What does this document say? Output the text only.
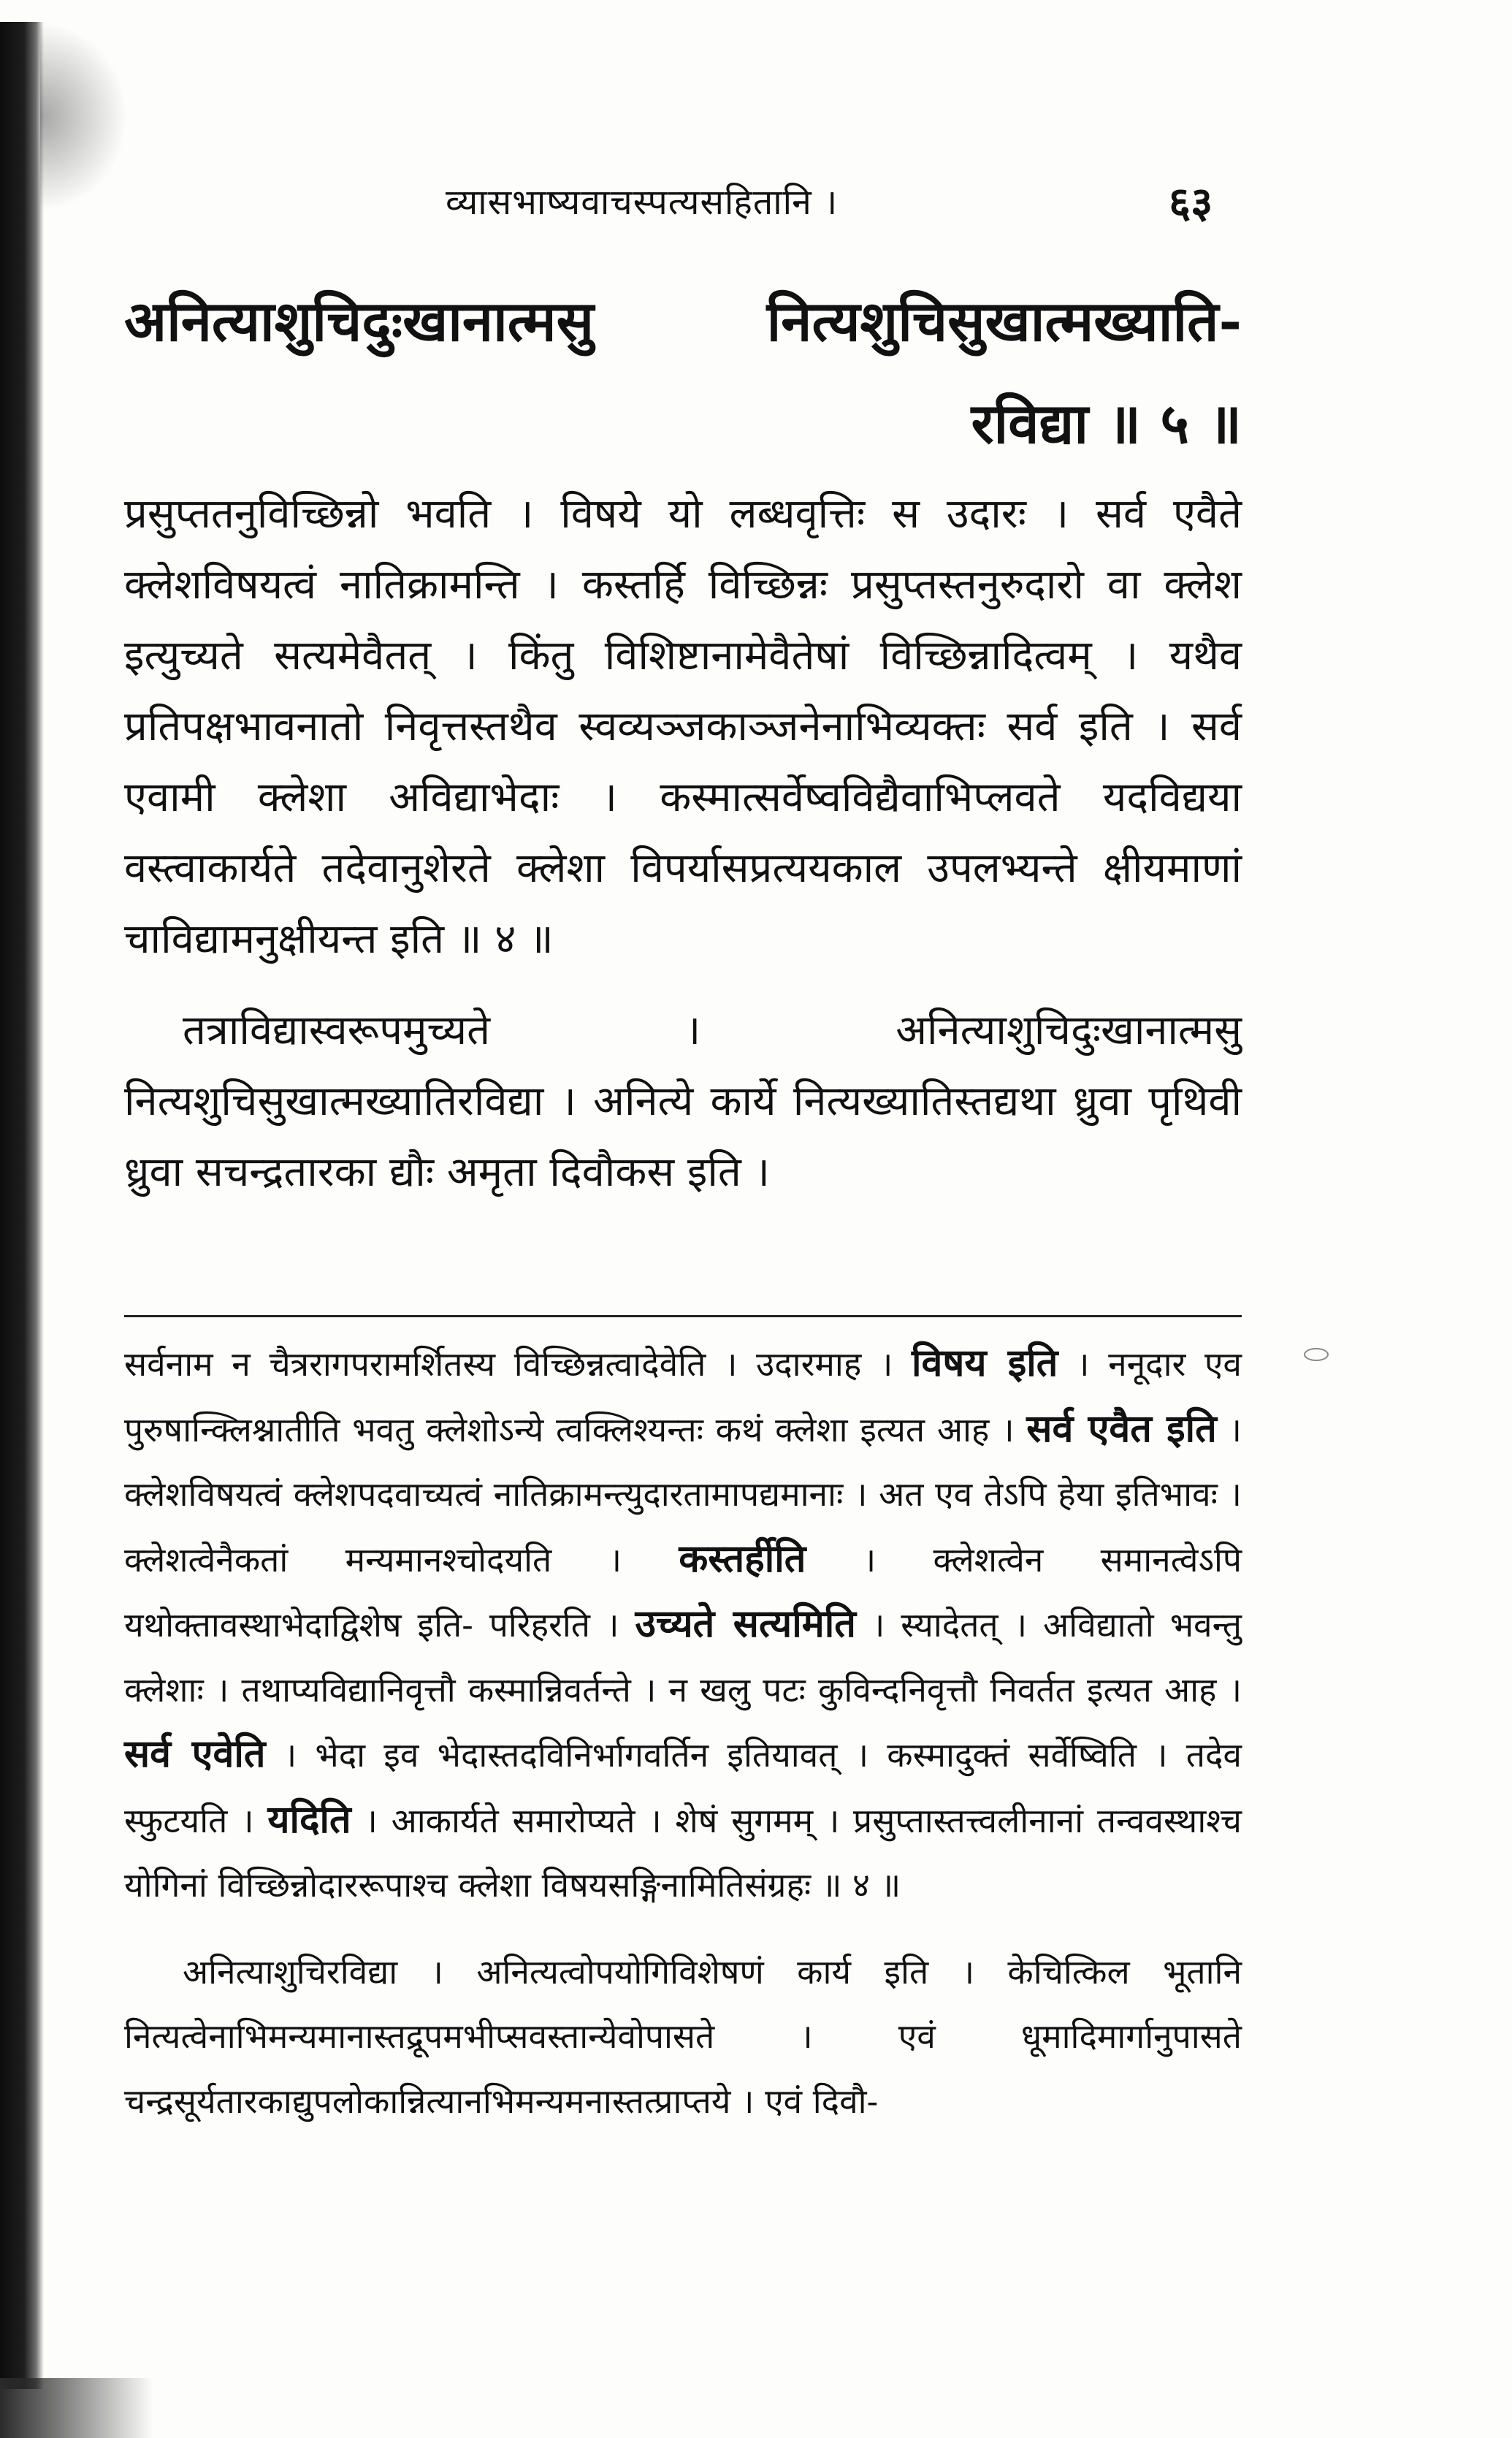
व्यासभाष्यवाचस्पत्यसहितानि ।	६३
अनित्याशुचिदुःखानात्मसु नित्यशुचिसुखात्मख्याति-
रविद्या ॥ ५ ॥

प्रसुप्ततनुविच्छिन्नो भवति । विषये यो लब्धवृत्तिः स उदारः । सर्व एवैते क्लेशविषयत्वं नातिक्रामन्ति । कस्तर्हि विच्छिन्नः प्रसुप्तस्तनुरुदारो वा क्लेश इत्युच्यते सत्यमेवैतत् । किंतु विशिष्टानामेवैतेषां विच्छिन्नादित्वम् । यथैव प्रतिपक्षभावनातो निवृत्तस्तथैव स्वव्यञ्जकाञ्जनेनाभिव्यक्तः सर्व इति । सर्व एवामी क्लेशा अविद्याभेदाः । कस्मात्सर्वेष्वविद्यैवाभिप्लवते यदविद्यया वस्त्वाकार्यते तदेवानुशेरते क्लेशा विपर्यासप्रत्ययकाल उपलभ्यन्ते क्षीयमाणां चाविद्यामनुक्षीयन्त इति ॥ ४ ॥

तत्राविद्यास्वरूपमुच्यते । अनित्याशुचिदुःखानात्मसु नित्यशुचिसुखात्मख्यातिरविद्या । अनित्ये कार्ये नित्यख्यातिस्तद्यथा ध्रुवा पृथिवी ध्रुवा सचन्द्रतारका द्यौः अमृता दिवौकस इति ।

सर्वनाम न चैत्ररागपरामर्शितस्य विच्छिन्नत्वादेवेति । उदारमाह । विषय इति । ननूदार एव पुरुषान्क्लिश्नातीति भवतु क्लेशोऽन्ये त्वक्लिश्यन्तः कथं क्लेशा इत्यत आह । सर्व एवैत इति । क्लेशविषयत्वं क्लेशपदवाच्यत्वं नातिक्रामन्त्युदारतामापद्यमानाः । अत एव तेऽपि हेया इतिभावः । क्लेशत्वेनैकतां मन्यमानश्चोदयति । कस्तर्हीति । क्लेशत्वेन समानत्वेऽपि यथोक्तावस्थाभेदाद्विशेष इति- परिहरति । उच्यते सत्यमिति । स्यादेतत् । अविद्यातो भवन्तु क्लेशाः । तथाप्यविद्यानिवृत्तौ कस्मान्निवर्तन्ते । न खलु पटः कुविन्दनिवृत्तौ निवर्तत इत्यत आह । सर्व एवेति । भेदा इव भेदास्तदविनिर्भागवर्तिन इतियावत् । कस्मादुक्तं सर्वेष्विति । तदेव स्फुटयति । यदिति । आकार्यते समारोप्यते । शेषं सुगमम् । प्रसुप्तास्तत्त्वलीनानां तन्ववस्थाश्च योगिनां विच्छिन्नोदाररूपाश्च क्लेशा विषयसङ्गिनामितिसंग्रहः ॥ ४ ॥

अनित्याशुचिरविद्या । अनित्यत्वोपयोगिविशेषणं कार्य इति । केचित्किल भूतानि नित्यत्वेनाभिमन्यमानास्तद्रूपमभीप्सवस्तान्येवोपासते । एवं धूमादिमार्गानुपासते चन्द्रसूर्यतारकाद्युपलोकान्नित्यानभिमन्यमनास्तत्प्राप्तये । एवं दिवौ-
